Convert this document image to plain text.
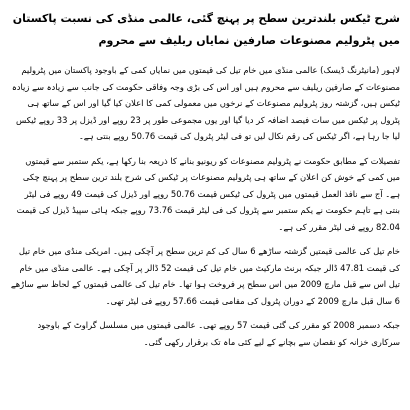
شرح ٹیکس بلندترین سطح پر پہنچ گئی، عالمی منڈی کی نسبت پاکستان میں پٹرولیم مصنوعات صارفین نمایاں ریلیف سے محروم

لاہور (مانیٹرنگ ڈیسک) عالمی منڈی میں خام تیل کی قیمتوں میں نمایاں کمی کے باوجود پاکستان میں پٹرولیم مصنوعات کے صارفین ریلیف سے محروم ہیں اور اس کی بڑی وجہ وفاقی حکومت کی جانب سے زیادہ سے زیادہ ٹیکس ہیں، گزشتہ روز پٹرولیم مصنوعات کے نرخوں میں معمولی کمی کا اعلان کیا گیا اور اس کے ساتھ ہی پٹرول پر ٹیکس میں سات فیصد اضافہ کر دیا گیا اور یوں مجموعی طور پر 23 روپے اور ڈیزل پر 33 روپے ٹیکس لیا جا رہا ہے، اگر ٹیکس کی رقم نکال لیں تو فی لیٹر پٹرول کی قیمت 50.76 روپے بنتی ہے۔

تفصیلات کے مطابق حکومت نے پٹرولیم مصنوعات کو ریونیو بنانے کا ذریعہ بنا رکھا ہے، یکم ستمبر سے قیمتوں میں کمی کے خوش کن اعلان کے ساتھ ہی پٹرولیم مصنوعات پر ٹیکس کی شرح بلند ترین سطح پر پہنچ چکی ہے۔ آج سے نافذ العمل قیمتوں میں پٹرول کی ٹیکس قیمت 50.76 روپے اور ڈیزل کی قیمت 49 روپے فی لیٹر بنتی ہے تاہم حکومت نے یکم ستمبر سے پٹرول کی فی لیٹر قیمت 73.76 روپے جبکہ ہائی سپیڈ ڈیزل کی قیمت 82.04 روپے فی لیٹر مقرر کی ہے۔

خام تیل کی عالمی قیمتیں گزشتہ ساڑھے 6 سال کی کم ترین سطح پر آچکی ہیں۔ امریکی منڈی میں خام تیل کی قیمت 47.81 ڈالر جبکہ برنٹ مارکیٹ میں خام تیل کی قیمت 52 ڈالر پر آچکی ہے۔ عالمی منڈی میں خام تیل اس سے قبل مارچ 2009 میں اس سطح پر فروخت ہوا تھا۔ خام تیل کی عالمی قیمتوں کے لحاظ سے ساڑھے 6 سال قبل مارچ 2009 کے دوران پٹرول کی مقامی قیمت 57.66 روپے فی لیٹر تھی۔

جبکہ دسمبر 2008 کو مقرر کی گئی قیمت 57 روپے تھی۔ عالمی قیمتوں میں مسلسل گراوٹ کے باوجود سرکاری خزانہ کو نقصان سے بچانے کے لیے کئی ماہ تک برقرار رکھی گئی۔
